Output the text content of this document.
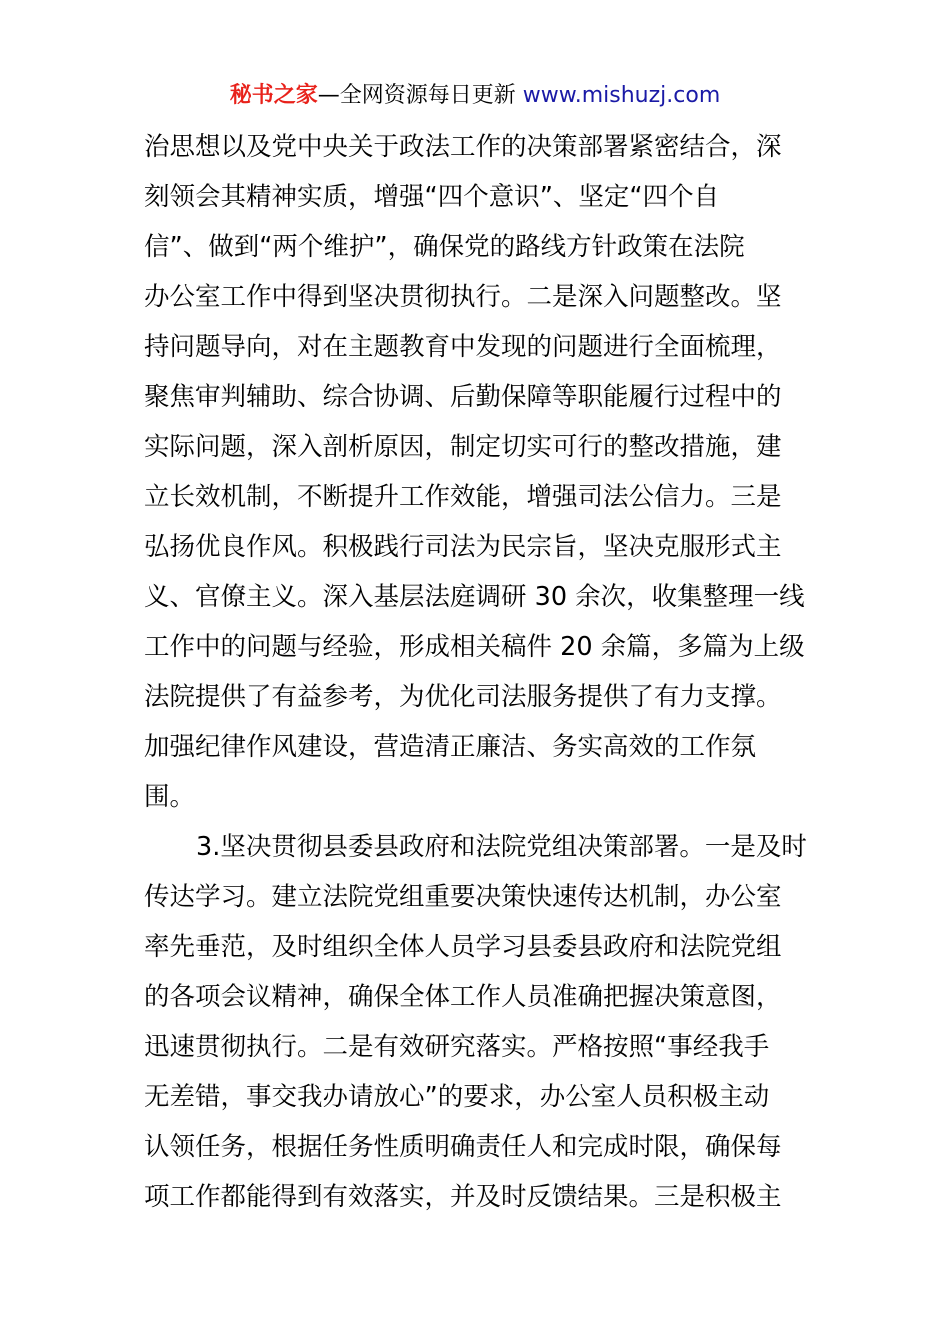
秘书之家—全网资源每日更新 www.mishuzj.com
治思想以及党中央关于政法工作的决策部署紧密结合，深
刻领会其精神实质，增强“四个意识”、坚定“四个自
信”、做到“两个维护”，确保党的路线方针政策在法院
办公室工作中得到坚决贯彻执行。二是深入问题整改。坚
持问题导向，对在主题教育中发现的问题进行全面梳理，
聚焦审判辅助、综合协调、后勤保障等职能履行过程中的
实际问题，深入剖析原因，制定切实可行的整改措施，建
立长效机制，不断提升工作效能，增强司法公信力。三是
弘扬优良作风。积极践行司法为民宗旨，坚决克服形式主
义、官僚主义。深入基层法庭调研 30 余次，收集整理一线
工作中的问题与经验，形成相关稿件 20 余篇，多篇为上级
法院提供了有益参考，为优化司法服务提供了有力支撑。
加强纪律作风建设，营造清正廉洁、务实高效的工作氛
围。
3.坚决贯彻县委县政府和法院党组决策部署。一是及时
传达学习。建立法院党组重要决策快速传达机制，办公室
率先垂范，及时组织全体人员学习县委县政府和法院党组
的各项会议精神，确保全体工作人员准确把握决策意图，
迅速贯彻执行。二是有效研究落实。严格按照“事经我手
无差错，事交我办请放心”的要求，办公室人员积极主动
认领任务，根据任务性质明确责任人和完成时限，确保每
项工作都能得到有效落实，并及时反馈结果。三是积极主
